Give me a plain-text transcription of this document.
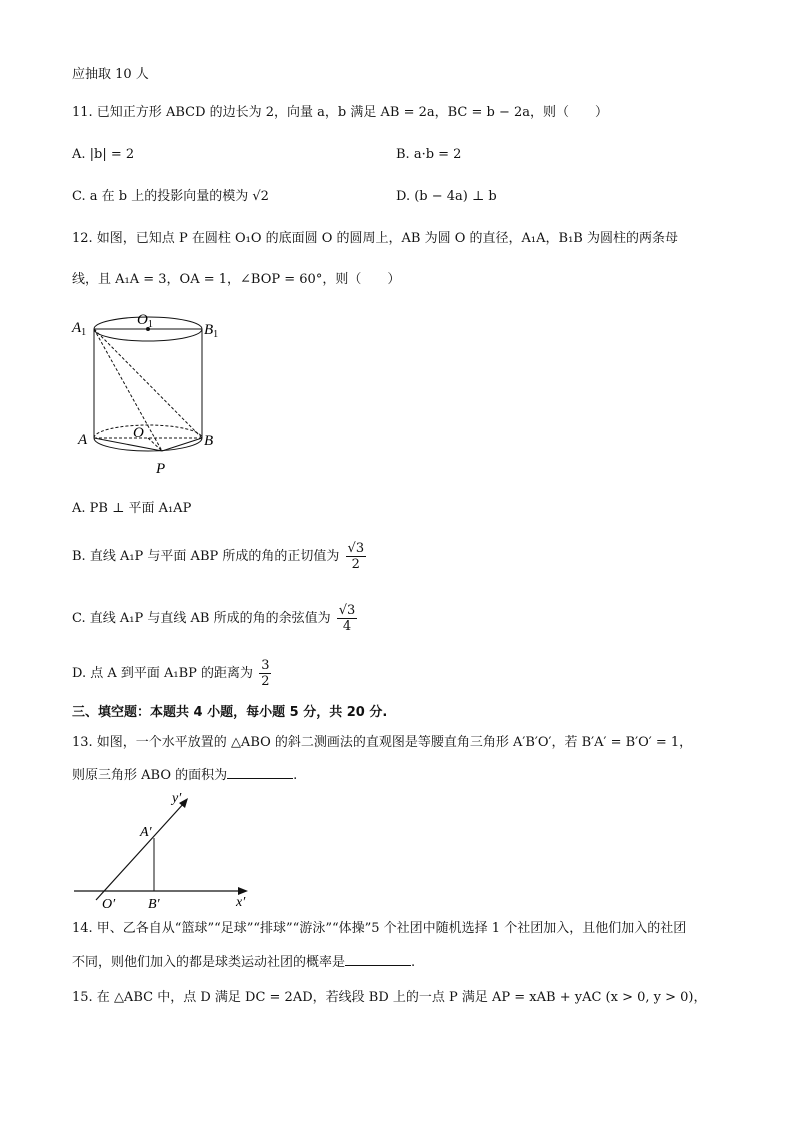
应抽取 10 人
11. 已知正方形 ABCD 的边长为 2，向量 a，b 满足 AB = 2a，BC = b − 2a，则（　　）
A. |b| = 2	B. a·b = 2
C. a 在 b 上的投影向量的模为 √2	D. (b − 4a) ⊥ b
12. 如图，已知点 P 在圆柱 O₁O 的底面圆 O 的圆周上，AB 为圆 O 的直径，A₁A，B₁B 为圆柱的两条母
线，且 A₁A = 3，OA = 1，∠BOP = 60°，则（　　）
$A_1$
$O_1$	$B_1$
A	O	B
P
A. PB ⊥ 平面 A₁AP
B. 直线 A₁P 与平面 ABP 所成的角的正切值为 $\frac{√3}{2}$
C. 直线 A₁P 与直线 AB 所成的角的余弦值为 $\frac{√3}{4}$
D. 点 A 到平面 A₁BP 的距离为 $\frac{3}{2}$
三、填空题：本题共 4 小题，每小题 5 分，共 20 分.
13. 如图，一个水平放置的 △ABO 的斜二测画法的直观图是等腰直角三角形 A′B′O′，若 B′A′ = B′O′ = 1，
则原三角形 ABO 的面积为	.
y′
A′
O′ B′	x′
14. 甲、乙各自从“篮球”“足球”“排球”“游泳”“体操”5 个社团中随机选择 1 个社团加入，且他们加入的社团
不同，则他们加入的都是球类运动社团的概率是	.
15. 在 △ABC 中，点 D 满足 DC = 2AD，若线段 BD 上的一点 P 满足 AP = xAB + yAC (x > 0, y > 0)，
